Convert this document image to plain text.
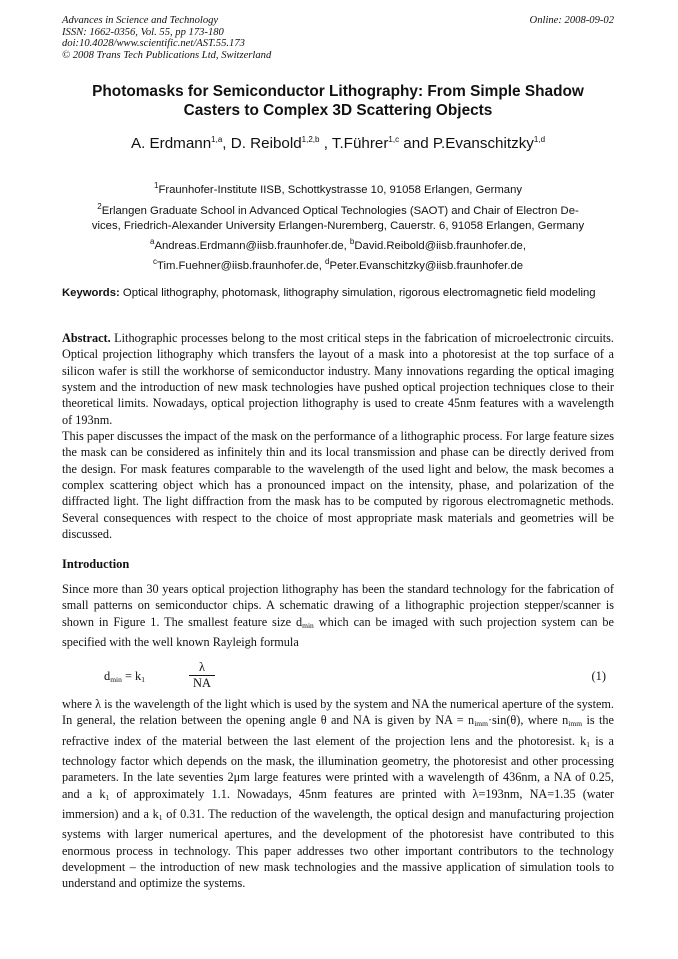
Advances in Science and Technology
ISSN: 1662-0356, Vol. 55, pp 173-180
doi:10.4028/www.scientific.net/AST.55.173
© 2008 Trans Tech Publications Ltd, Switzerland
Online: 2008-09-02
Photomasks for Semiconductor Lithography: From Simple Shadow
Casters to Complex 3D Scattering Objects
A. Erdmann$^{1,a}$, D. Reibold$^{1,2,b}$ , T.Führer$^{1,c}$ and P.Evanschitzky$^{1,d}$
$^1$Fraunhofer-Institute IISB, Schottkystrasse 10, 91058 Erlangen, Germany
$^2$Erlangen Graduate School in Advanced Optical Technologies (SAOT) and Chair of Electron De-
vices, Friedrich-Alexander University Erlangen-Nuremberg, Cauerstr. 6, 91058 Erlangen, Germany
$^a$Andreas.Erdmann@iisb.fraunhofer.de, $^b$David.Reibold@iisb.fraunhofer.de,
$^c$Tim.Fuehner@iisb.fraunhofer.de, $^d$Peter.Evanschitzky@iisb.fraunhofer.de
Keywords: Optical lithography, photomask, lithography simulation, rigorous electromagnetic field modeling

Abstract. Lithographic processes belong to the most critical steps in the fabrication of microelectronic circuits. Optical projection lithography which transfers the layout of a mask into a photoresist at the top surface of a silicon wafer is still the workhorse of semiconductor industry. Many innovations regarding the optical imaging system and the introduction of new mask technologies have pushed optical projection techniques close to their theoretical limits. Nowadays, optical projection lithography is used to create 45nm features with a wavelength of 193nm.

This paper discusses the impact of the mask on the performance of a lithographic process. For large feature sizes the mask can be considered as infinitely thin and its local transmission and phase can be directly derived from the design. For mask features comparable to the wavelength of the used light and below, the mask becomes a complex scattering object which has a pronounced impact on the intensity, phase, and polarization of the diffracted light. The light diffraction from the mask has to be computed by rigorous electromagnetic methods. Several consequences with respect to the choice of most appropriate mask materials and geometries will be discussed.

Introduction

Since more than 30 years optical projection lithography has been the standard technology for the fabrication of small patterns on semiconductor chips. A schematic drawing of a lithographic projection stepper/scanner is shown in Figure 1. The smallest feature size $d_{min}$ which can be imaged with such projection system can be specified with the well known Rayleigh formula

$d_{min} = k_1$	$\frac{\lambda}{NA}$	(1)

where λ is the wavelength of the light which is used by the system and NA the numerical aperture of the system. In general, the relation between the opening angle θ and NA is given by NA = $n_{imm}\cdot\sin(\theta)$, where $n_{imm}$ is the refractive index of the material between the last element of the projection lens and the photoresist. $k_1$ is a technology factor which depends on the mask, the illumination geometry, the photoresist and other processing parameters. In the late seventies 2μm large features were printed with a wavelength of 436nm, a NA of 0.25, and a $k_1$ of approximately 1.1. Nowadays, 45nm features are printed with λ=193nm, NA=1.35 (water immersion) and a $k_1$ of 0.31. The reduction of the wavelength, the optical design and manufacturing projection systems with larger numerical apertures, and the development of the photoresist have contributed to this enormous process in technology. This paper addresses two other important contributors to the technology development – the introduction of new mask technologies and the massive application of simulation tools to understand and optimize the systems.
